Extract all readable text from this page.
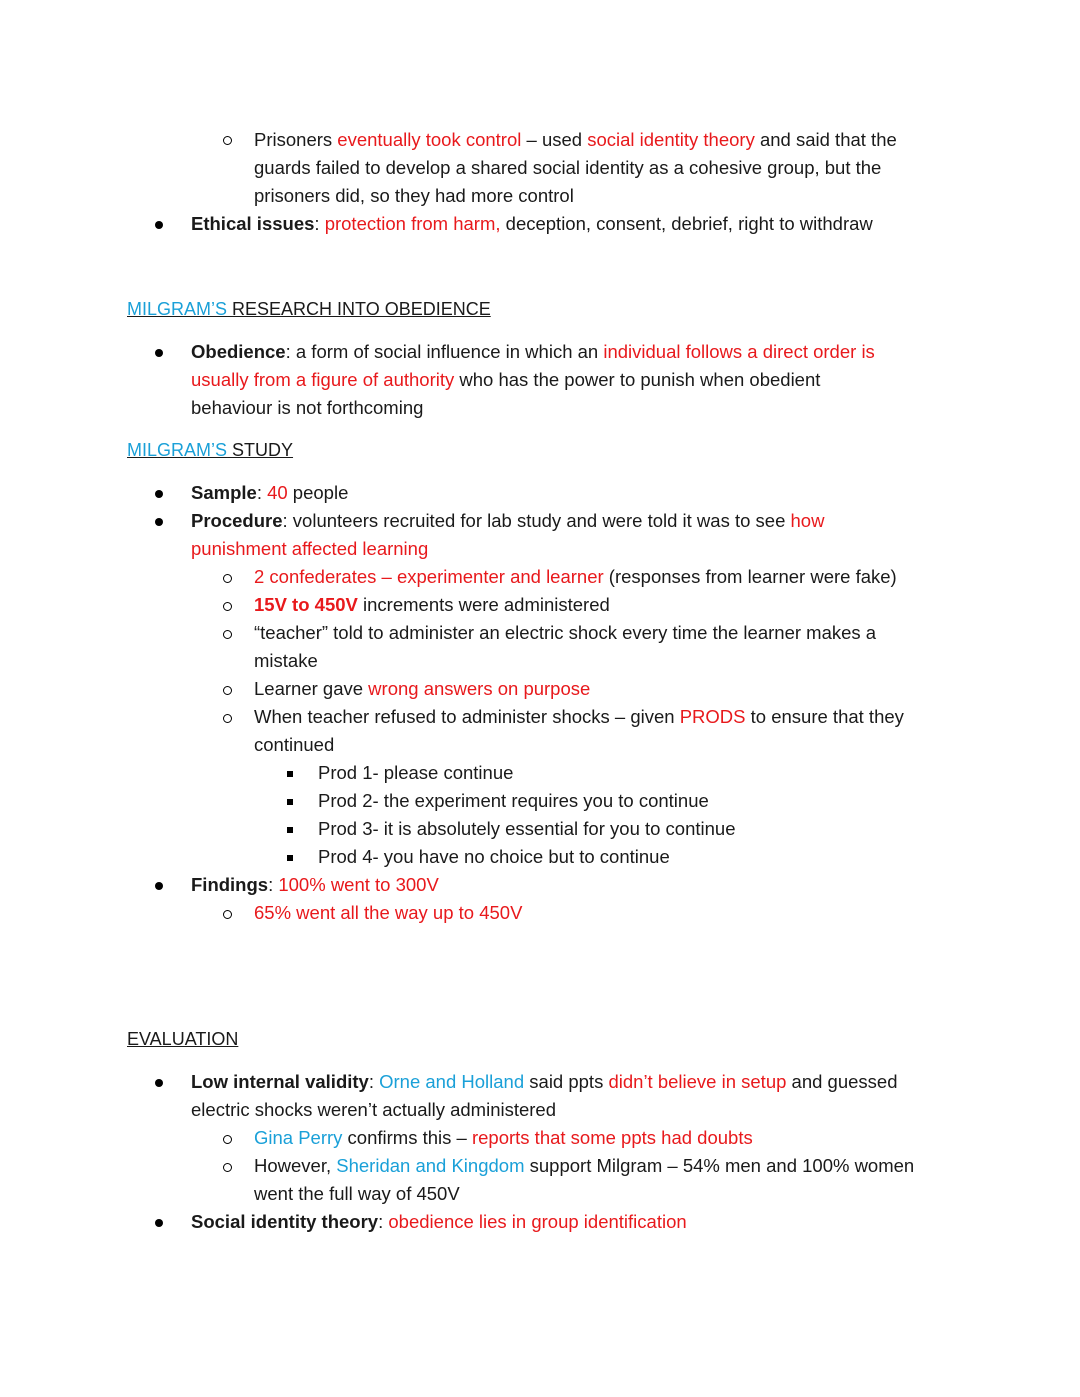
Prisoners eventually took control – used social identity theory and said that the
guards failed to develop a shared social identity as a cohesive group, but the
prisoners did, so they had more control
Ethical issues: protection from harm, deception, consent, debrief, right to withdraw
MILGRAM’S RESEARCH INTO OBEDIENCE
Obedience: a form of social influence in which an individual follows a direct order is
usually from a figure of authority who has the power to punish when obedient
behaviour is not forthcoming
MILGRAM’S STUDY
Sample: 40 people
Procedure: volunteers recruited for lab study and were told it was to see how
punishment affected learning
2 confederates – experimenter and learner (responses from learner were fake)
15V to 450V increments were administered
“teacher” told to administer an electric shock every time the learner makes a
mistake
Learner gave wrong answers on purpose
When teacher refused to administer shocks – given PRODS to ensure that they
continued
Prod 1- please continue
Prod 2- the experiment requires you to continue
Prod 3- it is absolutely essential for you to continue
Prod 4- you have no choice but to continue
Findings: 100% went to 300V
65% went all the way up to 450V
EVALUATION
Low internal validity: Orne and Holland said ppts didn’t believe in setup and guessed
electric shocks weren’t actually administered
Gina Perry confirms this – reports that some ppts had doubts
However, Sheridan and Kingdom support Milgram – 54% men and 100% women
went the full way of 450V
Social identity theory: obedience lies in group identification
